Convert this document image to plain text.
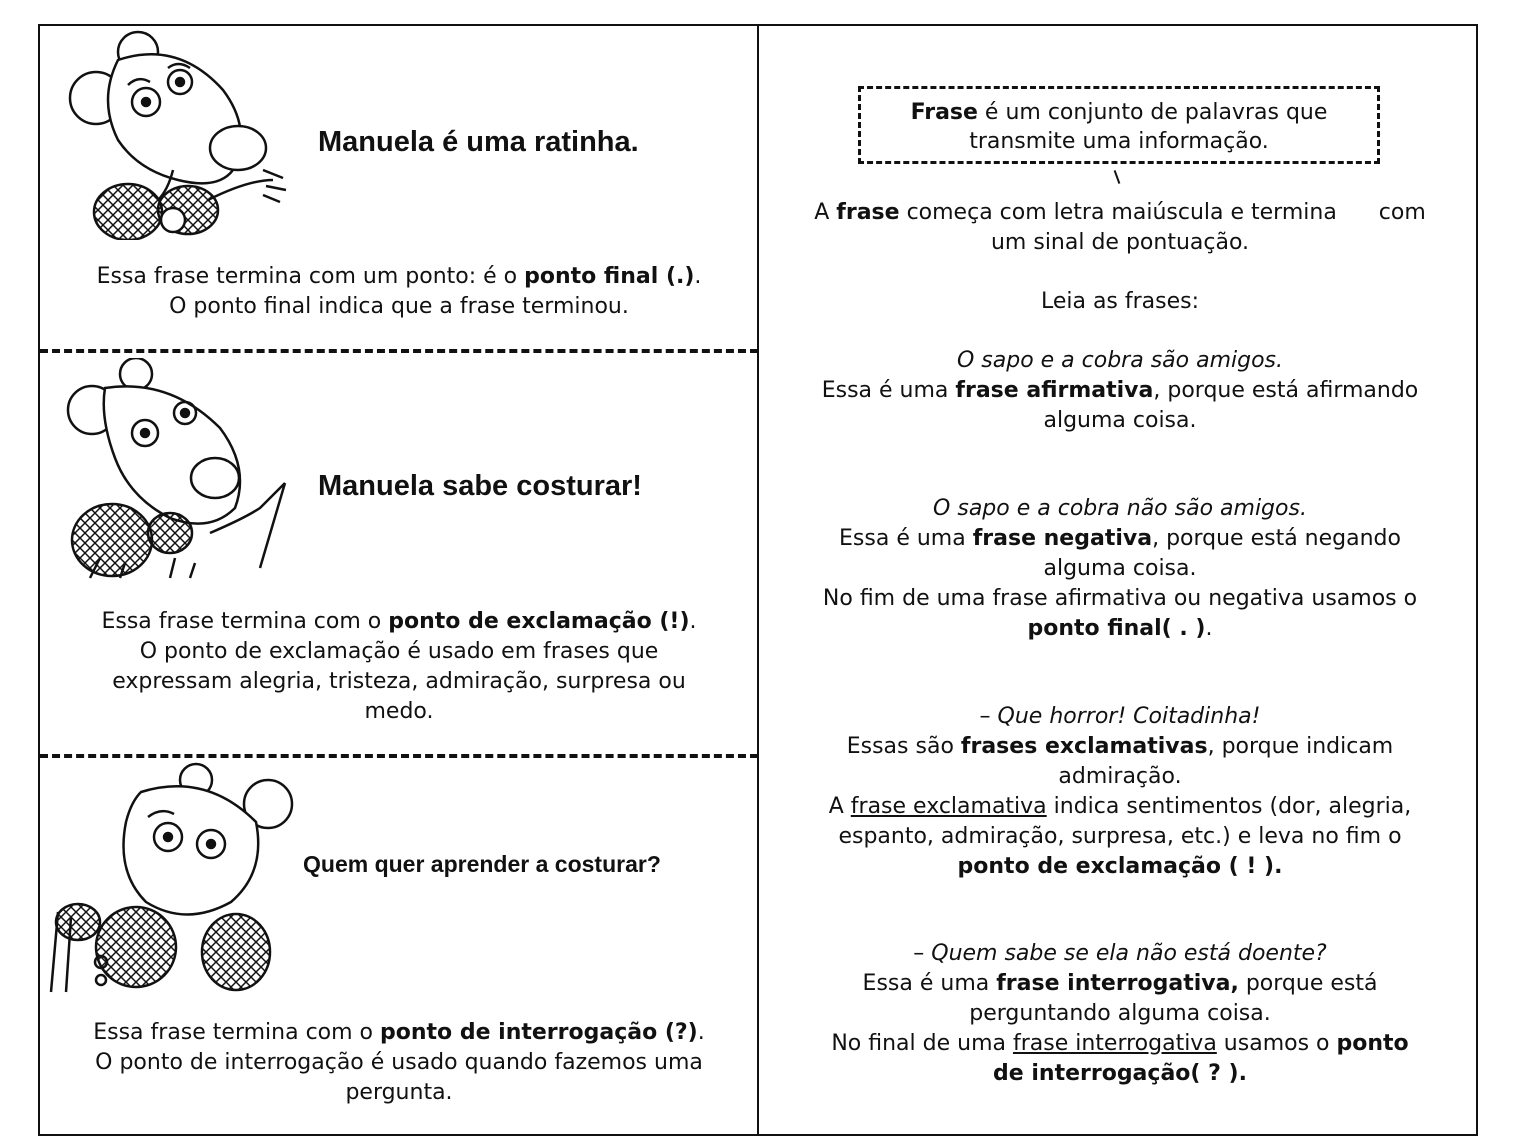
Manuela é uma ratinha.
Essa frase termina com um ponto: é o ponto final (.).
O ponto final indica que a frase terminou.
Manuela sabe costurar!
Essa frase termina com o ponto de exclamação (!).
O ponto de exclamação é usado em frases que
expressam alegria, tristeza, admiração, surpresa ou
medo.
Quem quer aprender a costurar?
Essa frase termina com o ponto de interrogação (?).
O ponto de interrogação é usado quando fazemos uma
pergunta.
Frase é um conjunto de palavras que
transmite uma informação.
A frase começa com letra maiúscula e termina      com
um sinal de pontuação.
Leia as frases:
O sapo e a cobra são amigos.
Essa é uma frase afirmativa, porque está afirmando
alguma coisa.
O sapo e a cobra não são amigos.
Essa é uma frase negativa, porque está negando
alguma coisa.
No fim de uma frase afirmativa ou negativa usamos o
ponto final( . ).
– Que horror! Coitadinha!
Essas são frases exclamativas, porque indicam
admiração.
A frase exclamativa indica sentimentos (dor, alegria,
espanto, admiração, surpresa, etc.) e leva no fim o
ponto de exclamação ( ! ).
– Quem sabe se ela não está doente?
Essa é uma frase interrogativa, porque está
perguntando alguma coisa.
No final de uma frase interrogativa usamos o ponto
de interrogação( ? ).
